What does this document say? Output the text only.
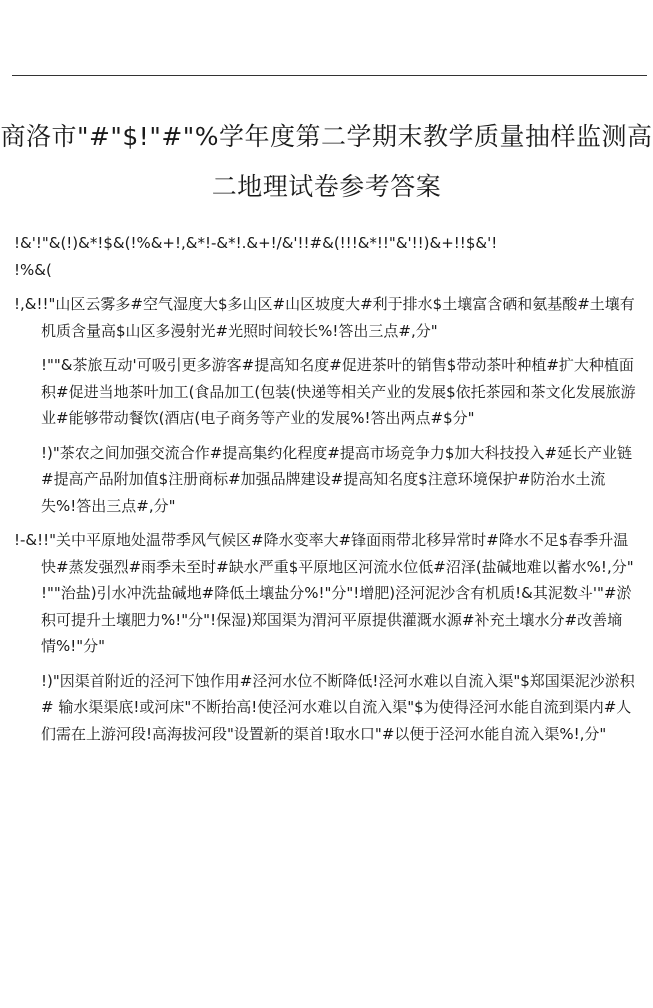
商洛市"#"$!"#"%学年度第二学期末教学质量抽样监测高
二地理试卷参考答案

!&'!"&(!)&*!$&(!%&+!,&*!-&*!.&+!/&'!!#&(!!!&*!!"&'!!)&+!!$&'!

!%&(

!,&!!"山区云雾多#空气湿度大$多山区#山区坡度大#利于排水$土壤富含硒和氨基酸#土壤有机质含量高$山区多漫射光#光照时间较长%!答出三点#,分"

!""&茶旅互动'可吸引更多游客#提高知名度#促进茶叶的销售$带动茶叶种植#扩大种植面积#促进当地茶叶加工(食品加工(包装(快递等相关产业的发展$依托茶园和茶文化发展旅游业#能够带动餐饮(酒店(电子商务等产业的发展%!答出两点#$分"

!)"茶农之间加强交流合作#提高集约化程度#提高市场竞争力$加大科技投入#延长产业链#提高产品附加值$注册商标#加强品牌建设#提高知名度$注意环境保护#防治水土流失%!答出三点#,分"

!-&!!"关中平原地处温带季风气候区#降水变率大#锋面雨带北移异常时#降水不足$春季升温快#蒸发强烈#雨季未至时#缺水严重$平原地区河流水位低#沼泽(盐碱地难以蓄水%!,分" !""治盐)引水冲洗盐碱地#降低土壤盐分%!"分"!增肥)泾河泥沙含有机质!&其泥数斗'"#淤积可提升土壤肥力%!"分"!保湿)郑国渠为渭河平原提供灌溉水源#补充土壤水分#改善墒情%!"分"

!)"因渠首附近的泾河下蚀作用#泾河水位不断降低!泾河水难以自流入渠"$郑国渠泥沙淤积# 输水渠渠底!或河床"不断抬高!使泾河水难以自流入渠"$为使得泾河水能自流到渠内#人们需在上游河段!高海拔河段"设置新的渠首!取水口"#以便于泾河水能自流入渠%!,分"
